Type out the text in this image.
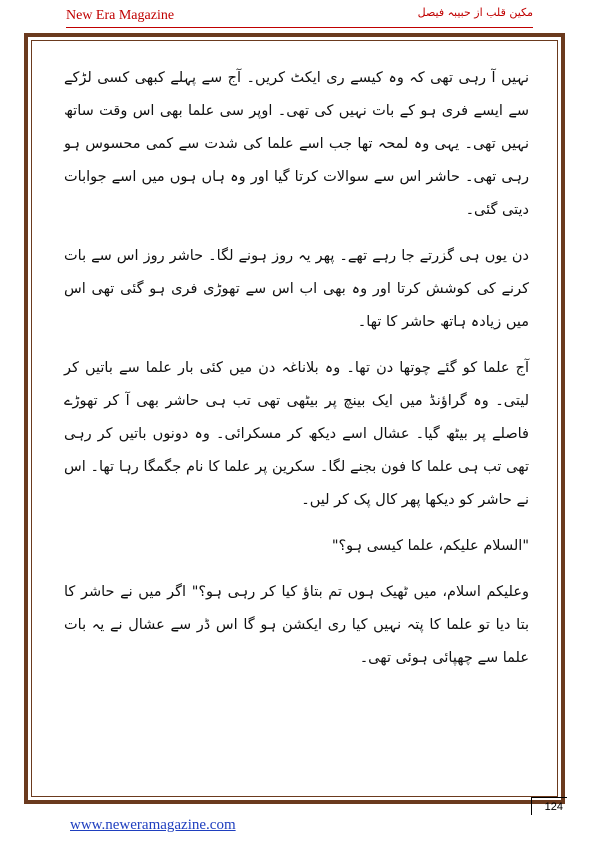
New Era Magazine	مکین قلب از حبیبہ فیصل

نہیں آ رہی تھی کہ وہ کیسے ری ایکٹ کریں۔ آج سے پہلے کبھی کسی لڑکے سے ایسے فری ہو کے بات نہیں کی تھی۔ اوپر سی علما بھی اس وقت ساتھ نہیں تھی۔ یہی وہ لمحہ تھا جب اسے علما کی شدت سے کمی محسوس ہو رہی تھی۔ حاشر اس سے سوالات کرتا گیا اور وہ ہاں ہوں میں اسے جوابات دیتی گئی۔

دن یوں ہی گزرتے جا رہے تھے۔ پھر یہ روز ہونے لگا۔ حاشر روز اس سے بات کرنے کی کوشش کرتا اور وہ بھی اب اس سے تھوڑی فری ہو گئی تھی اس میں زیادہ ہاتھ حاشر کا تھا۔

آج علما کو گئے چوتھا دن تھا۔ وہ بلاناغہ دن میں کئی بار علما سے باتیں کر لیتی۔ وہ گراؤنڈ میں ایک بینچ پر بیٹھی تھی تب ہی حاشر بھی آ کر تھوڑے فاصلے پر بیٹھ گیا۔ عشال اسے دیکھ کر مسکرائی۔ وہ دونوں باتیں کر رہی تھی تب ہی علما کا فون بجنے لگا۔ سکرین پر علما کا نام جگمگا رہا تھا۔ اس نے حاشر کو دیکھا پھر کال پک کر لیں۔

"السلام علیکم، علما کیسی ہو؟"

وعلیکم اسلام، میں ٹھیک ہوں تم بتاؤ کیا کر رہی ہو؟" اگر میں نے حاشر کا بتا دیا تو علما کا پتہ نہیں کیا ری ایکشن ہو گا اس ڈر سے عشال نے یہ بات علما سے چھپائی ہوئی تھی۔

124
www.neweramagazine.com
